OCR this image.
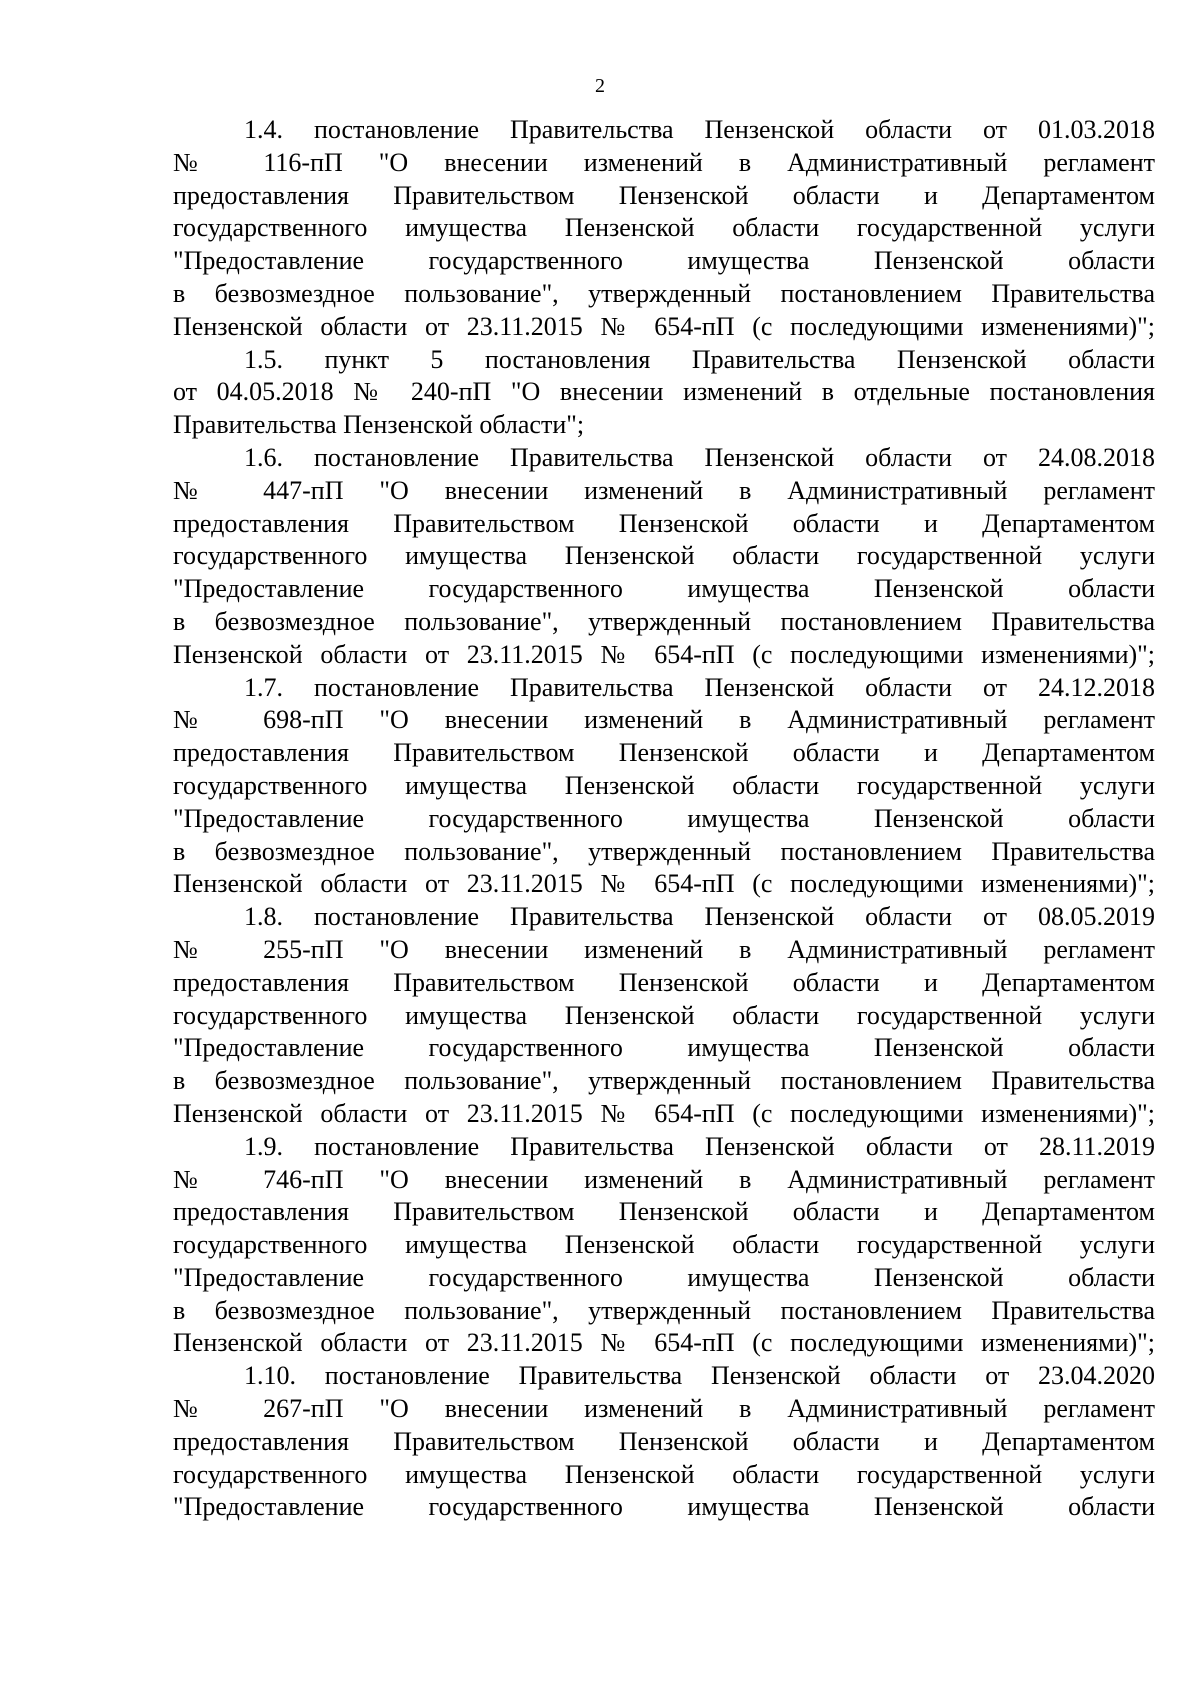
2
1.4. постановление Правительства Пензенской области от 01.03.2018
№ 116-пП "О внесении изменений в Административный регламент
предоставления Правительством Пензенской области и Департаментом
государственного имущества Пензенской области государственной услуги
"Предоставление государственного имущества Пензенской области
в безвозмездное пользование", утвержденный постановлением Правительства
Пензенской области от 23.11.2015 № 654-пП (с последующими изменениями)";
1.5. пункт 5 постановления Правительства Пензенской области
от 04.05.2018 № 240-пП "О внесении изменений в отдельные постановления
Правительства Пензенской области";
1.6. постановление Правительства Пензенской области от 24.08.2018
№ 447-пП "О внесении изменений в Административный регламент
предоставления Правительством Пензенской области и Департаментом
государственного имущества Пензенской области государственной услуги
"Предоставление государственного имущества Пензенской области
в безвозмездное пользование", утвержденный постановлением Правительства
Пензенской области от 23.11.2015 № 654-пП (с последующими изменениями)";
1.7. постановление Правительства Пензенской области от 24.12.2018
№ 698-пП "О внесении изменений в Административный регламент
предоставления Правительством Пензенской области и Департаментом
государственного имущества Пензенской области государственной услуги
"Предоставление государственного имущества Пензенской области
в безвозмездное пользование", утвержденный постановлением Правительства
Пензенской области от 23.11.2015 № 654-пП (с последующими изменениями)";
1.8. постановление Правительства Пензенской области от 08.05.2019
№ 255-пП "О внесении изменений в Административный регламент
предоставления Правительством Пензенской области и Департаментом
государственного имущества Пензенской области государственной услуги
"Предоставление государственного имущества Пензенской области
в безвозмездное пользование", утвержденный постановлением Правительства
Пензенской области от 23.11.2015 № 654-пП (с последующими изменениями)";
1.9. постановление Правительства Пензенской области от 28.11.2019
№ 746-пП "О внесении изменений в Административный регламент
предоставления Правительством Пензенской области и Департаментом
государственного имущества Пензенской области государственной услуги
"Предоставление государственного имущества Пензенской области
в безвозмездное пользование", утвержденный постановлением Правительства
Пензенской области от 23.11.2015 № 654-пП (с последующими изменениями)";
1.10. постановление Правительства Пензенской области от 23.04.2020
№ 267-пП "О внесении изменений в Административный регламент
предоставления Правительством Пензенской области и Департаментом
государственного имущества Пензенской области государственной услуги
"Предоставление государственного имущества Пензенской области
